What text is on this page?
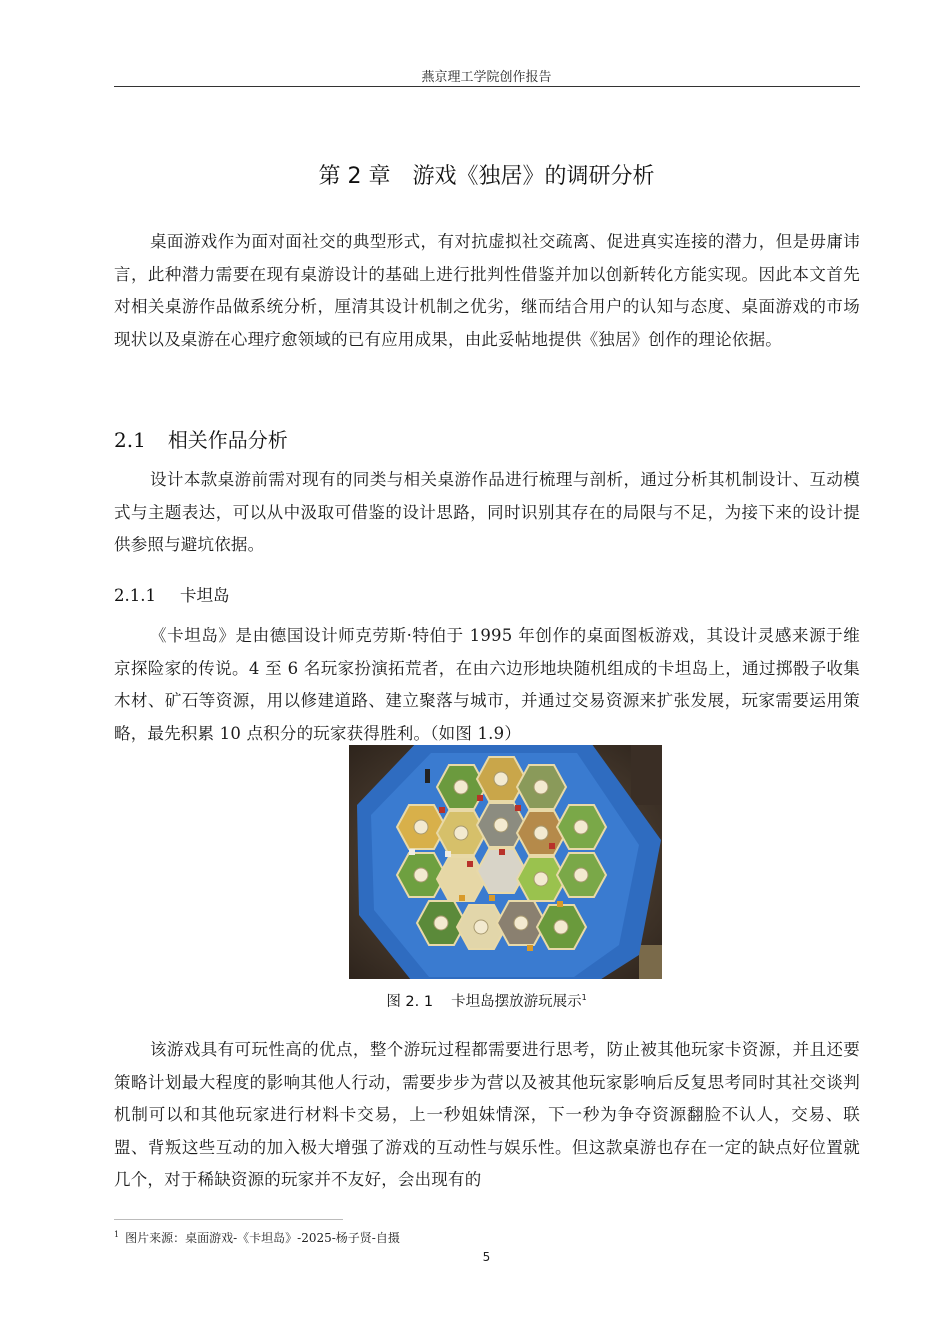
燕京理工学院创作报告
第 2 章 游戏《独居》的调研分析

桌面游戏作为面对面社交的典型形式，有对抗虚拟社交疏离、促进真实连接的潜力，但是毋庸讳言，此种潜力需要在现有桌游设计的基础上进行批判性借鉴并加以创新转化方能实现。因此本文首先对相关桌游作品做系统分析，厘清其设计机制之优劣，继而结合用户的认知与态度、桌面游戏的市场现状以及桌游在心理疗愈领域的已有应用成果，由此妥帖地提供《独居》创作的理论依据。

2.1 相关作品分析

设计本款桌游前需对现有的同类与相关桌游作品进行梳理与剖析，通过分析其机制设计、互动模式与主题表达，可以从中汲取可借鉴的设计思路，同时识别其存在的局限与不足，为接下来的设计提供参照与避坑依据。

2.1.1 卡坦岛

《卡坦岛》是由德国设计师克劳斯·特伯于 1995 年创作的桌面图板游戏，其设计灵感来源于维京探险家的传说。4 至 6 名玩家扮演拓荒者，在由六边形地块随机组成的卡坦岛上，通过掷骰子收集木材、矿石等资源，用以修建道路、建立聚落与城市，并通过交易资源来扩张发展，玩家需要运用策略，最先积累 10 点积分的玩家获得胜利。（如图 1.9）

图 2. 1 卡坦岛摆放游玩展示$^1$

该游戏具有可玩性高的优点，整个游玩过程都需要进行思考，防止被其他玩家卡资源，并且还要策略计划最大程度的影响其他人行动，需要步步为营以及被其他玩家影响后反复思考同时其社交谈判机制可以和其他玩家进行材料卡交易，上一秒姐妹情深，下一秒为争夺资源翻脸不认人，交易、联盟、背叛这些互动的加入极大增强了游戏的互动性与娱乐性。但这款桌游也存在一定的缺点好位置就几个，对于稀缺资源的玩家并不友好，会出现有的

$^1$ 图片来源：桌面游戏-《卡坦岛》-2025-杨子贤-自摄
5
